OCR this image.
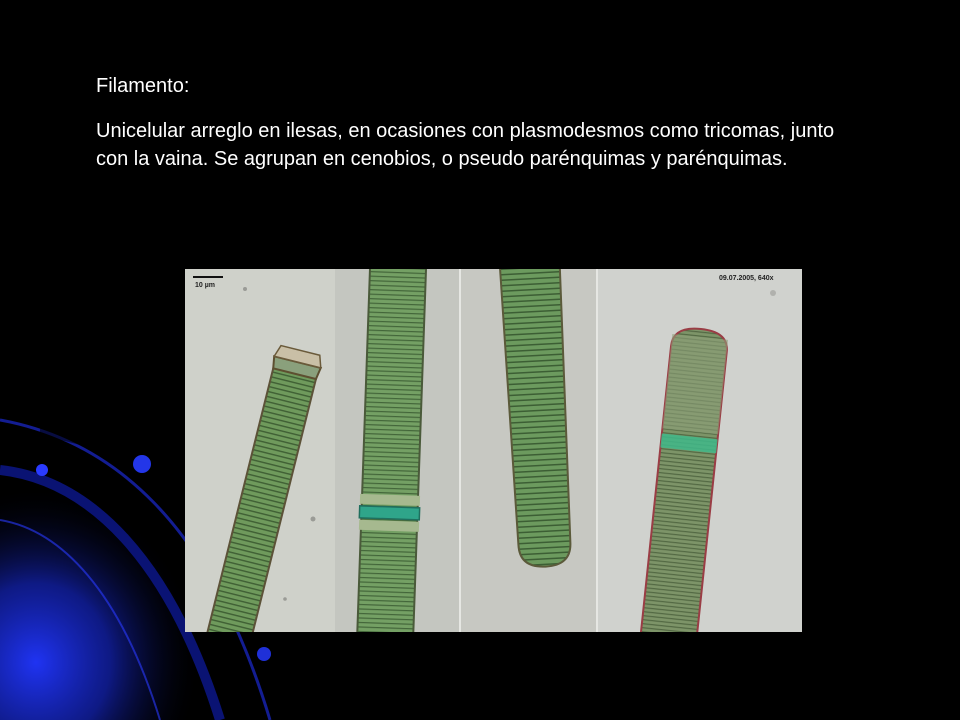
Filamento:

Unicelular arreglo en ilesas, en ocasiones con plasmodesmos como tricomas, junto con la vaina. Se agrupan en cenobios, o pseudo parénquimas y parénquimas.

10 µm
09.07.2005, 640x
